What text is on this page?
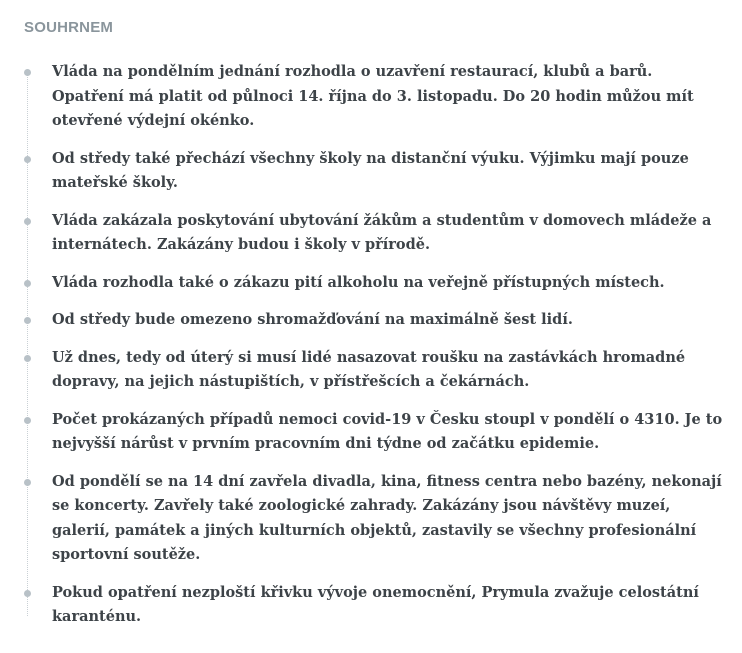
SOUHRNEM
Vláda na pondělním jednání rozhodla o uzavření restaurací, klubů a barů. Opatření má platit od půlnoci 14. října do 3. listopadu. Do 20 hodin můžou mít otevřené výdejní okénko.
Od středy také přechází všechny školy na distanční výuku. Výjimku mají pouze mateřské školy.
Vláda zakázala poskytování ubytování žákům a studentům v domovech mládeže a internátech. Zakázány budou i školy v přírodě.
Vláda rozhodla také o zákazu pití alkoholu na veřejně přístupných místech.
Od středy bude omezeno shromažďování na maximálně šest lidí.
Už dnes, tedy od úterý si musí lidé nasazovat roušku na zastávkách hromadné dopravy, na jejich nástupištích, v přístřešcích a čekárnách.
Počet prokázaných případů nemoci covid-19 v Česku stoupl v pondělí o 4310. Je to nejvyšší nárůst v prvním pracovním dni týdne od začátku epidemie.
Od pondělí se na 14 dní zavřela divadla, kina, fitness centra nebo bazény, nekonají se koncerty. Zavřely také zoologické zahrady. Zakázány jsou návštěvy muzeí, galerií, památek a jiných kulturních objektů, zastavily se všechny profesionální sportovní soutěže.
Pokud opatření nezploští křivku vývoje onemocnění, Prymula zvažuje celostátní karanténu.
